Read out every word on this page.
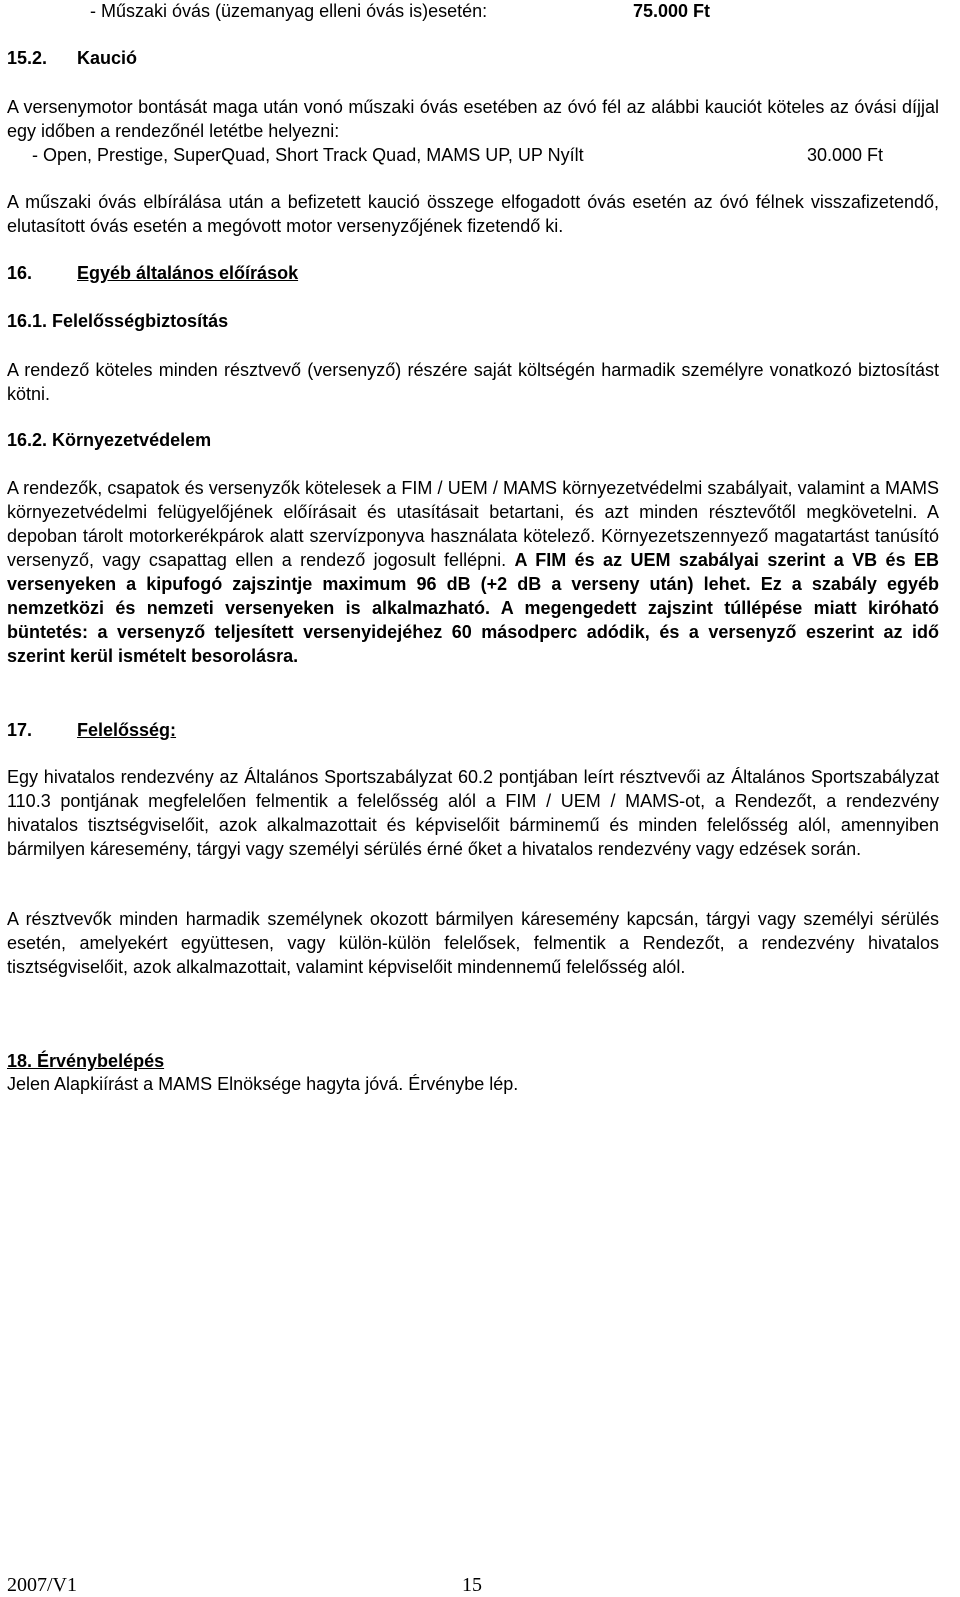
- Műszaki óvás (üzemanyag elleni óvás is)esetén:	75.000 Ft
15.2. Kaució
A versenymotor bontását maga után vonó műszaki óvás esetében az óvó fél az alábbi kauciót köteles az óvási díjjal egy időben a rendezőnél letétbe helyezni:
- Open, Prestige, SuperQuad, Short Track Quad, MAMS UP, UP Nyílt	30.000 Ft
A műszaki óvás elbírálása után a befizetett kaució összege elfogadott óvás esetén az óvó félnek visszafizetendő, elutasított óvás esetén a megóvott motor versenyzőjének fizetendő ki.
16. Egyéb általános előírások
16.1. Felelősségbiztosítás
A rendező köteles minden résztvevő (versenyző) részére saját költségén harmadik személyre vonatkozó biztosítást kötni.
16.2. Környezetvédelem
A rendezők, csapatok és versenyzők kötelesek a FIM / UEM / MAMS környezetvédelmi szabályait, valamint a MAMS környezetvédelmi felügyelőjének előírásait és utasításait betartani, és azt minden résztevőtől megkövetelni. A depoban tárolt motorkerékpárok alatt szervízponyva használata kötelező. Környezetszennyező magatartást tanúsító versenyző, vagy csapattag ellen a rendező jogosult fellépni. A FIM és az UEM szabályai szerint a VB és EB versenyeken a kipufogó zajszintje maximum 96 dB (+2 dB a verseny után) lehet. Ez a szabály egyéb nemzetközi és nemzeti versenyeken is alkalmazható. A megengedett zajszint túllépése miatt kiróható büntetés: a versenyző teljesített versenyidejéhez 60 másodperc adódik, és a versenyző eszerint az idő szerint kerül ismételt besorolásra.
17. Felelősség:
Egy hivatalos rendezvény az Általános Sportszabályzat 60.2 pontjában leírt résztvevői az Általános Sportszabályzat 110.3 pontjának megfelelően felmentik a felelősség alól a FIM / UEM / MAMS-ot, a Rendezőt, a rendezvény hivatalos tisztségviselőit, azok alkalmazottait és képviselőit bárminemű és minden felelősség alól, amennyiben bármilyen káresemény, tárgyi vagy személyi sérülés érné őket a hivatalos rendezvény vagy edzések során.
A résztvevők minden harmadik személynek okozott bármilyen káresemény kapcsán, tárgyi vagy személyi sérülés esetén, amelyekért együttesen, vagy külön-külön felelősek, felmentik a Rendezőt, a rendezvény hivatalos tisztségviselőit, azok alkalmazottait, valamint képviselőit mindennemű felelősség alól.
18. Érvénybelépés
Jelen Alapkiírást a MAMS Elnöksége hagyta jóvá. Érvénybe lép.
2007/V1	15
